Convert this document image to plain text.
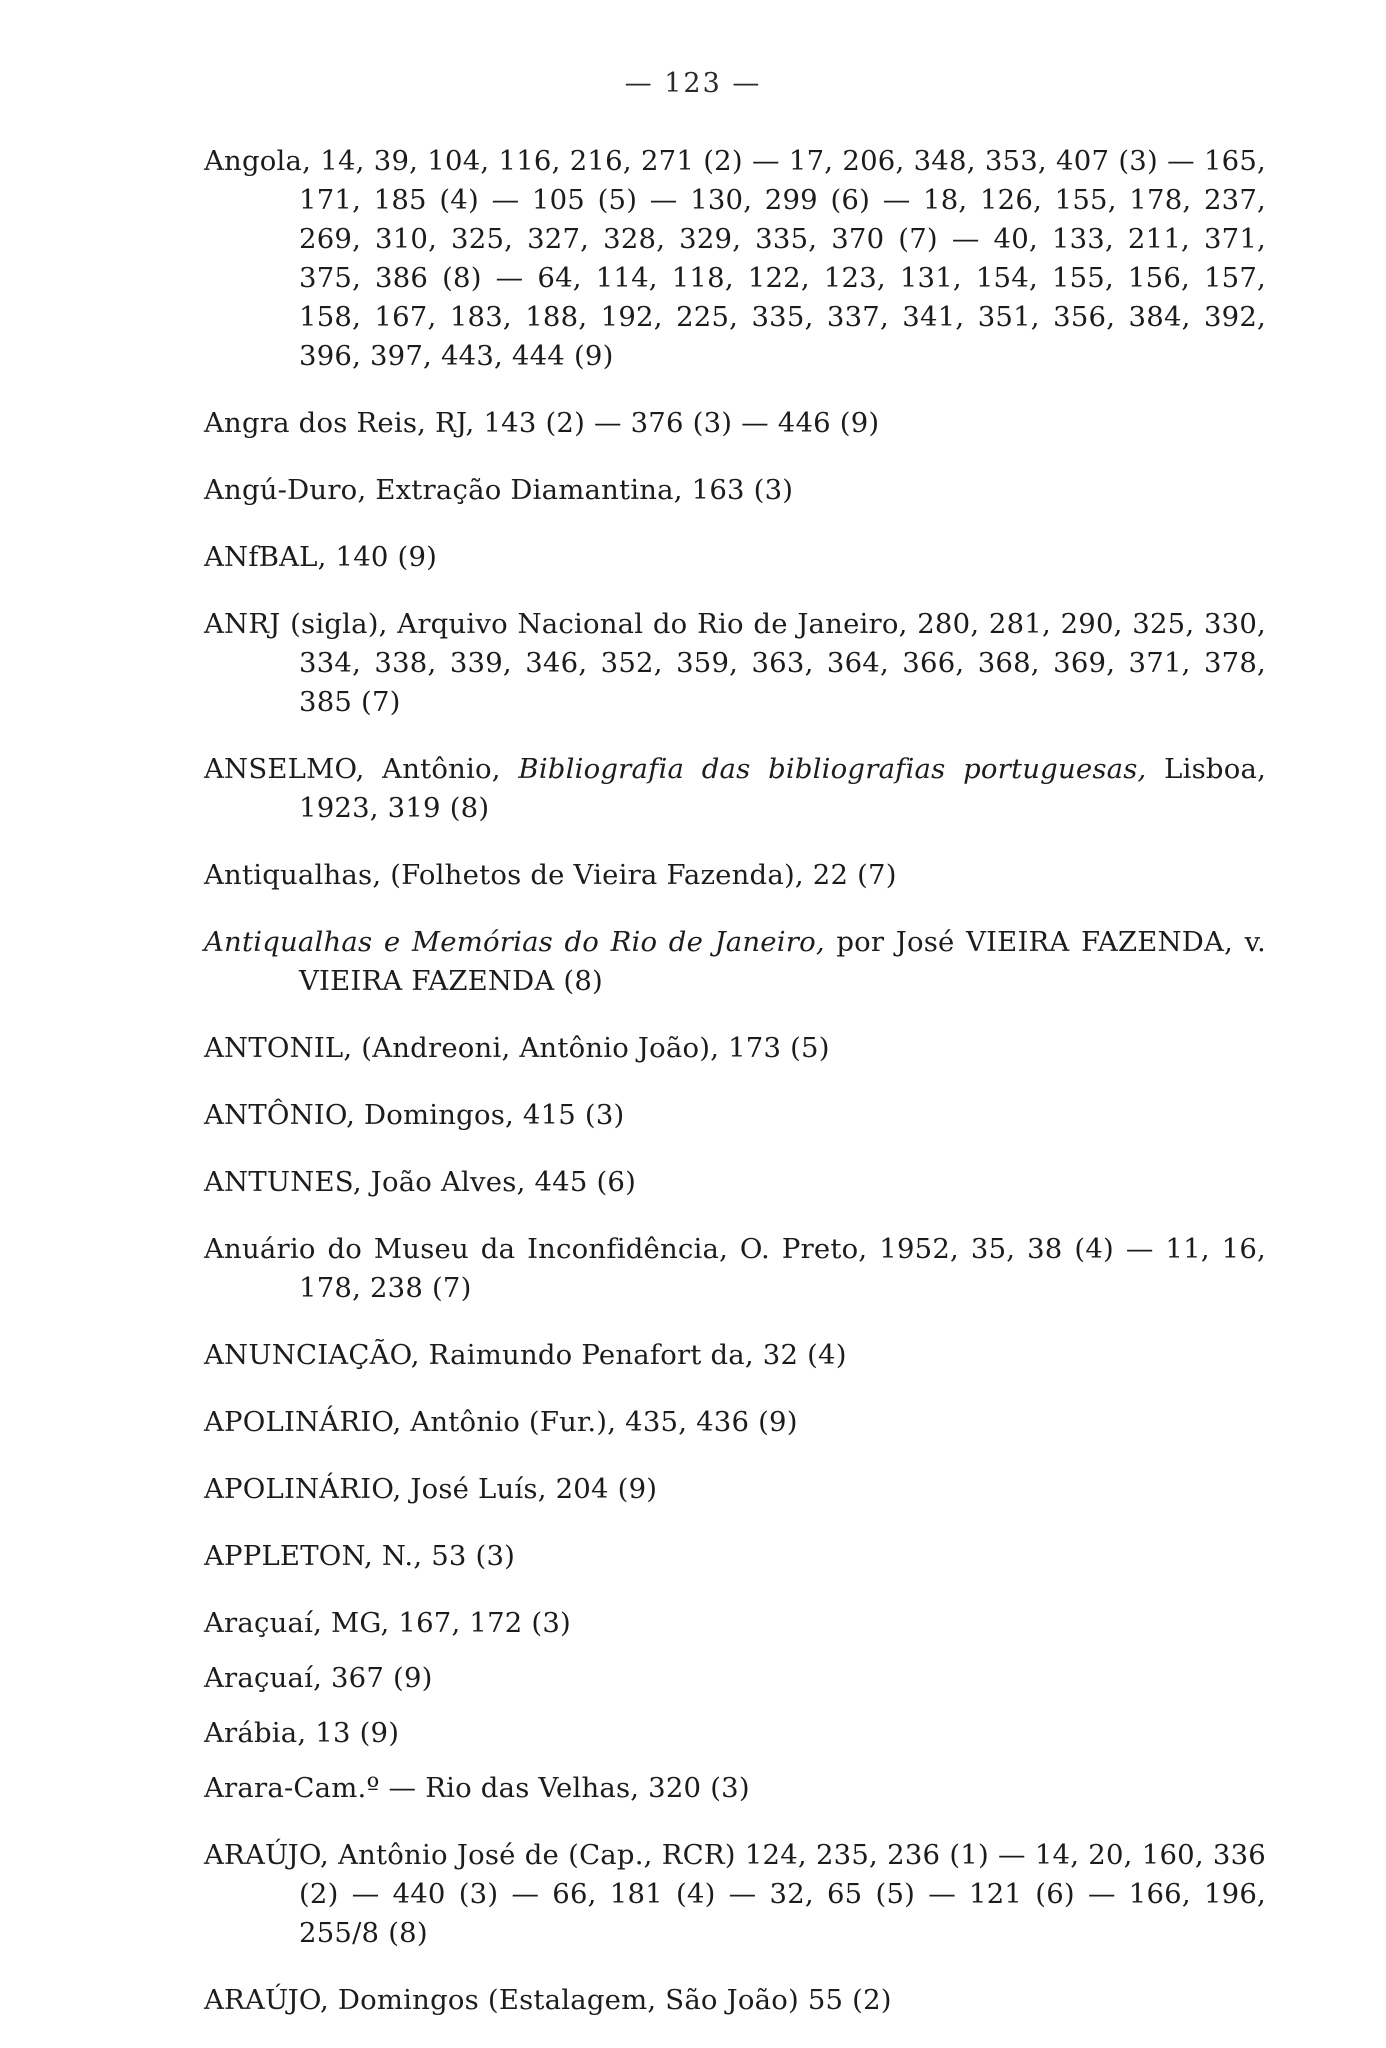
— 123 —

Angola, 14, 39, 104, 116, 216, 271 (2) — 17, 206, 348, 353, 407 (3) — 165, 171, 185 (4) — 105 (5) — 130, 299 (6) — 18, 126, 155, 178, 237, 269, 310, 325, 327, 328, 329, 335, 370 (7) — 40, 133, 211, 371, 375, 386 (8) — 64, 114, 118, 122, 123, 131, 154, 155, 156, 157, 158, 167, 183, 188, 192, 225, 335, 337, 341, 351, 356, 384, 392, 396, 397, 443, 444 (9)

Angra dos Reis, RJ, 143 (2) — 376 (3) — 446 (9)

Angú-Duro, Extração Diamantina, 163 (3)

ANfBAL, 140 (9)

ANRJ (sigla), Arquivo Nacional do Rio de Janeiro, 280, 281, 290, 325, 330, 334, 338, 339, 346, 352, 359, 363, 364, 366, 368, 369, 371, 378, 385 (7)

ANSELMO, Antônio, Bibliografia das bibliografias portuguesas, Lisboa, 1923, 319 (8)

Antiqualhas, (Folhetos de Vieira Fazenda), 22 (7)

Antiqualhas e Memórias do Rio de Janeiro, por José VIEIRA FAZENDA, v. VIEIRA FAZENDA (8)

ANTONIL, (Andreoni, Antônio João), 173 (5)

ANTÔNIO, Domingos, 415 (3)

ANTUNES, João Alves, 445 (6)

Anuário do Museu da Inconfidência, O. Preto, 1952, 35, 38 (4) — 11, 16, 178, 238 (7)

ANUNCIAÇÃO, Raimundo Penafort da, 32 (4)

APOLINÁRIO, Antônio (Fur.), 435, 436 (9)

APOLINÁRIO, José Luís, 204 (9)

APPLETON, N., 53 (3)

Araçuaí, MG, 167, 172 (3)

Araçuaí, 367 (9)

Arábia, 13 (9)

Arara-Cam.º — Rio das Velhas, 320 (3)

ARAÚJO, Antônio José de (Cap., RCR) 124, 235, 236 (1) — 14, 20, 160, 336 (2) — 440 (3) — 66, 181 (4) — 32, 65 (5) — 121 (6) — 166, 196, 255/8 (8)

ARAÚJO, Domingos (Estalagem, São João) 55 (2)
